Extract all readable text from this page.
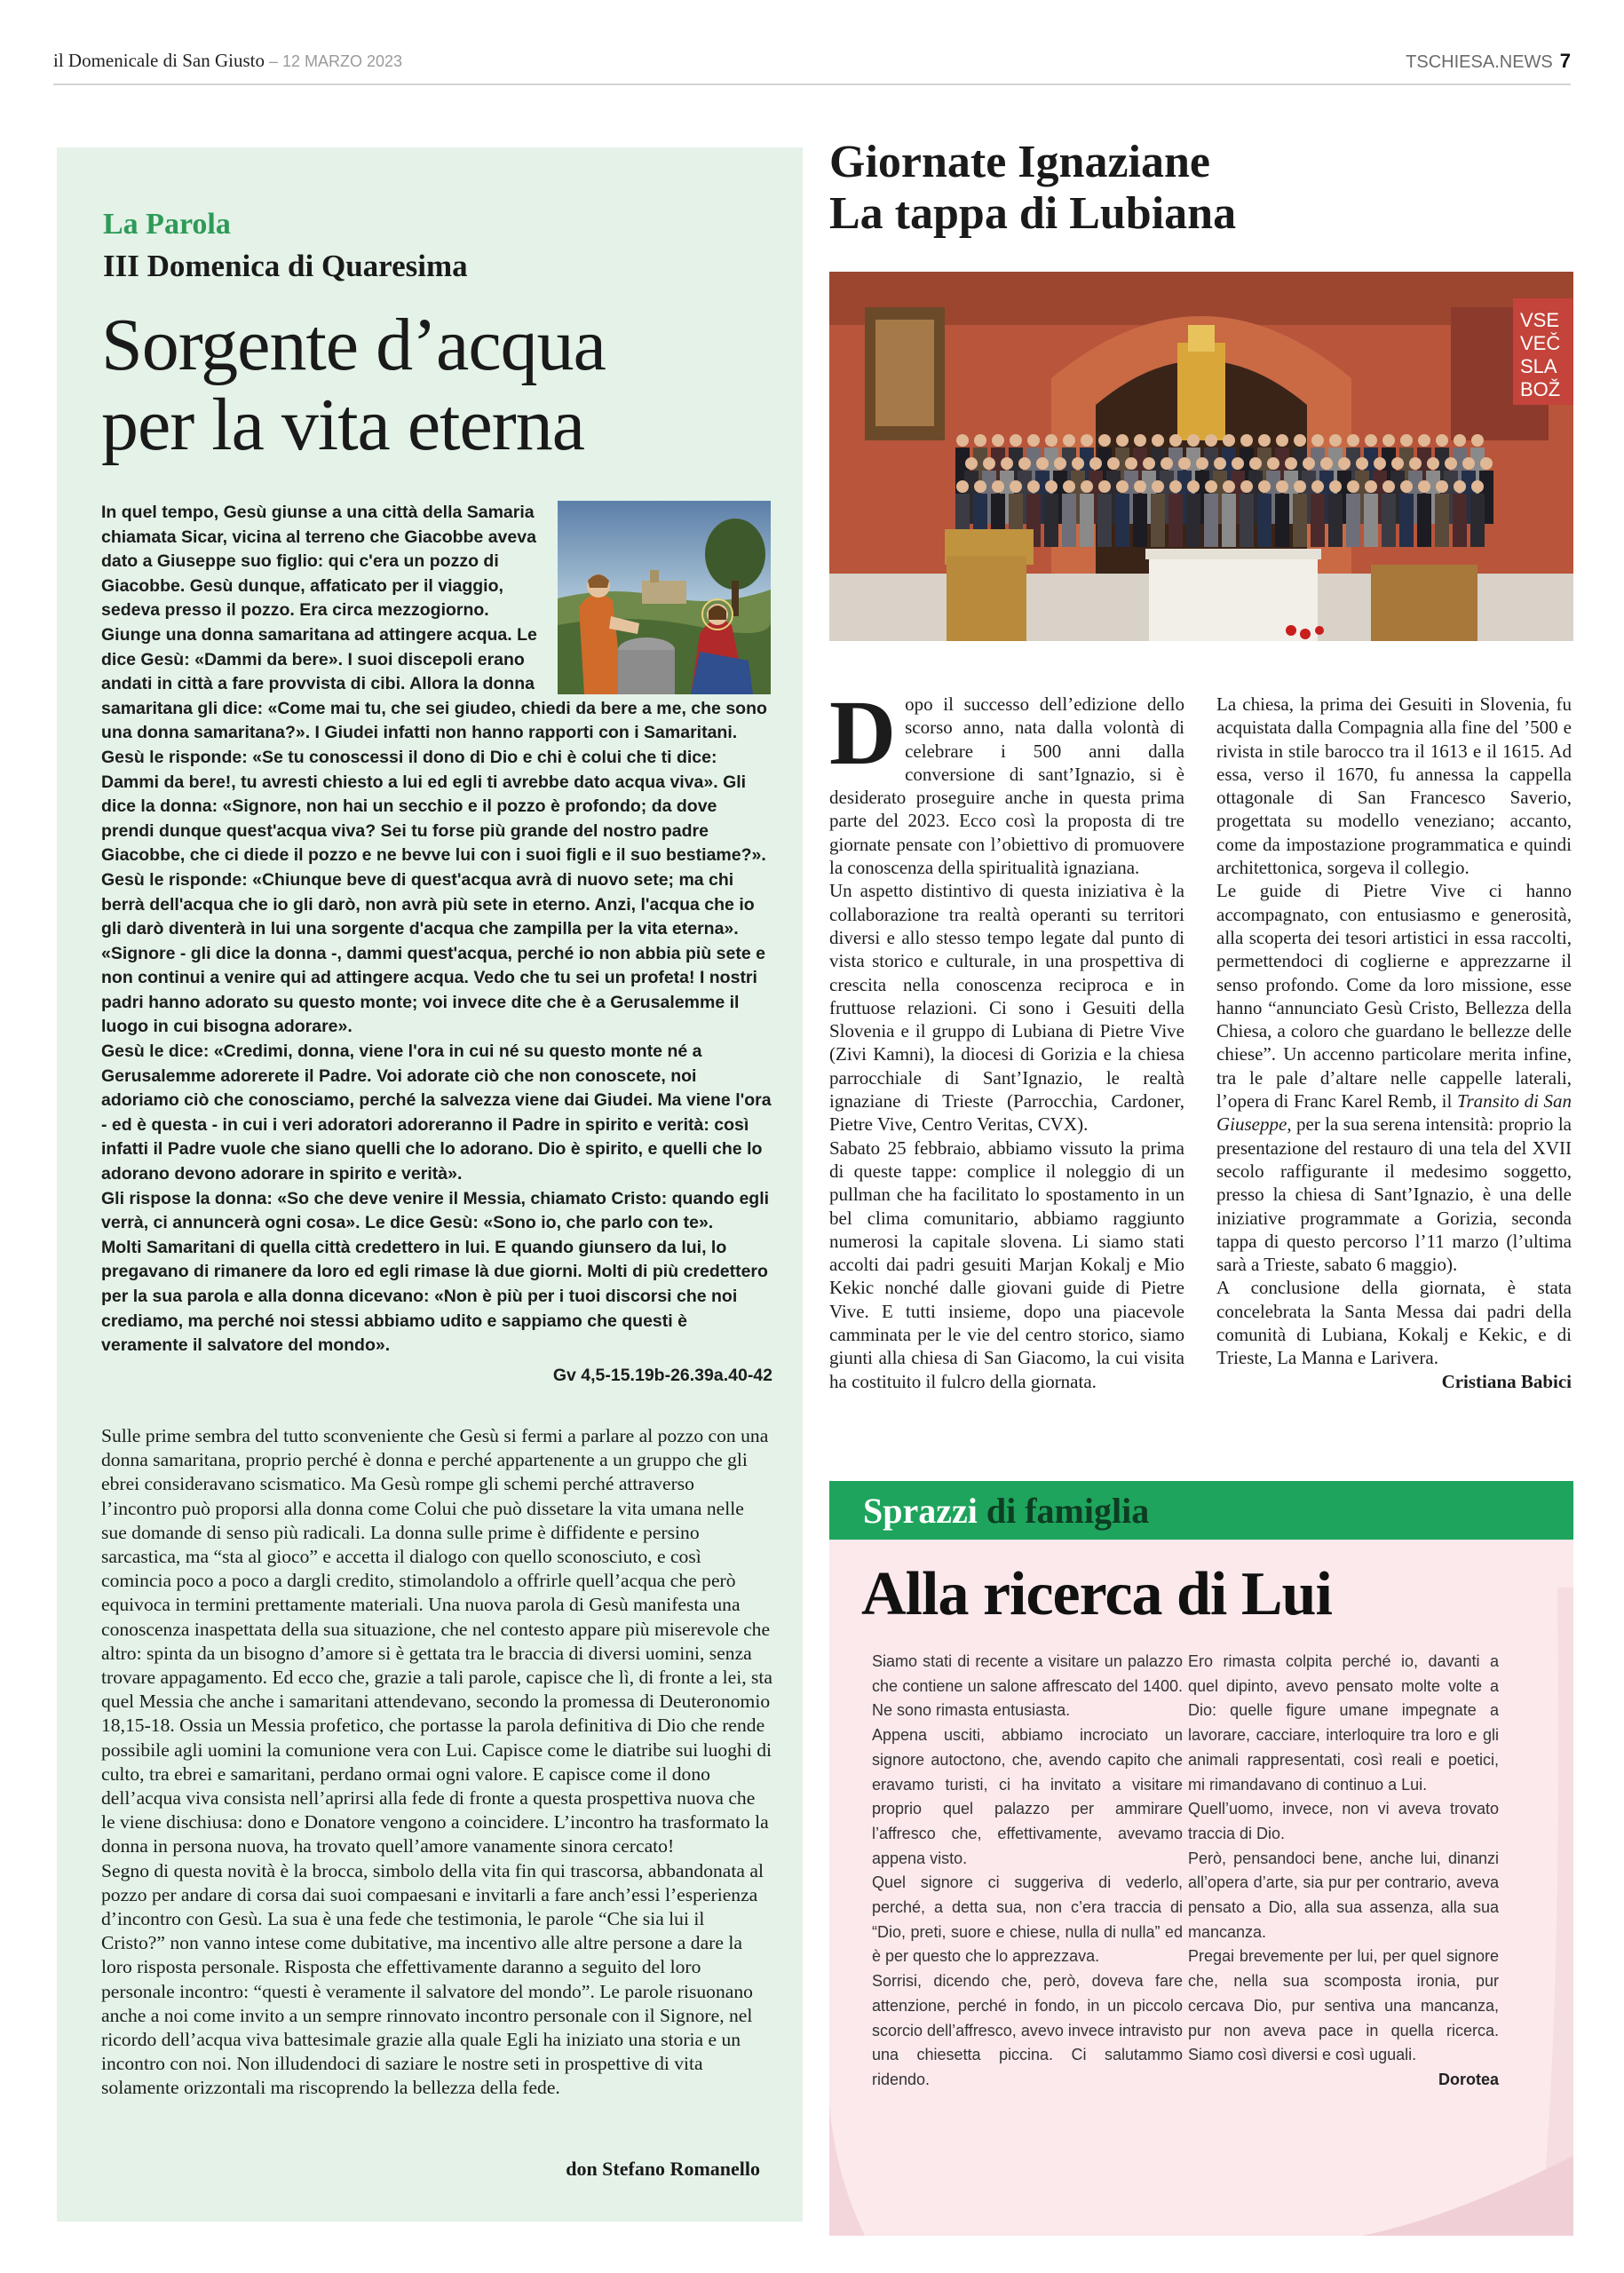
il Domenicale di San Giusto – 12 MARZO 2023	TSCHIESA.NEWS 7
La Parola
III Domenica di Quaresima
Sorgente d’acqua
per la vita eterna

In quel tempo, Gesù giunse a una città della Samaria chiamata Sicar, vicina al terreno che Giacobbe aveva dato a Giuseppe suo figlio: qui c'era un pozzo di Giacobbe. Gesù dunque, affaticato per il viaggio, sedeva presso il pozzo. Era circa mezzogiorno. Giunge una donna samaritana ad attingere acqua. Le dice Gesù: «Dammi da bere». I suoi discepoli erano andati in città a fare provvista di cibi. Allora la donna samaritana gli dice: «Come mai tu, che sei giudeo, chiedi da bere a me, che sono una donna samaritana?». I Giudei infatti non hanno rapporti con i Samaritani. Gesù le risponde: «Se tu conoscessi il dono di Dio e chi è colui che ti dice: Dammi da bere!, tu avresti chiesto a lui ed egli ti avrebbe dato acqua viva». Gli dice la donna: «Signore, non hai un secchio e il pozzo è profondo; da dove prendi dunque quest'acqua viva? Sei tu forse più grande del nostro padre Giacobbe, che ci diede il pozzo e ne bevve lui con i suoi figli e il suo bestiame?».

Gesù le risponde: «Chiunque beve di quest'acqua avrà di nuovo sete; ma chi berrà dell'acqua che io gli darò, non avrà più sete in eterno. Anzi, l'acqua che io gli darò diventerà in lui una sorgente d'acqua che zampilla per la vita eterna».

«Signore - gli dice la donna -, dammi quest'acqua, perché io non abbia più sete e non continui a venire qui ad attingere acqua. Vedo che tu sei un profeta! I nostri padri hanno adorato su questo monte; voi invece dite che è a Gerusalemme il luogo in cui bisogna adorare».

Gesù le dice: «Credimi, donna, viene l'ora in cui né su questo monte né a Gerusalemme adorerete il Padre. Voi adorate ciò che non conoscete, noi adoriamo ciò che conosciamo, perché la salvezza viene dai Giudei. Ma viene l'ora - ed è questa - in cui i veri adoratori adoreranno il Padre in spirito e verità: così infatti il Padre vuole che siano quelli che lo adorano. Dio è spirito, e quelli che lo adorano devono adorare in spirito e verità».

Gli rispose la donna: «So che deve venire il Messia, chiamato Cristo: quando egli verrà, ci annuncerà ogni cosa». Le dice Gesù: «Sono io, che parlo con te».

Molti Samaritani di quella città credettero in lui. E quando giunsero da lui, lo pregavano di rimanere da loro ed egli rimase là due giorni. Molti di più credettero per la sua parola e alla donna dicevano: «Non è più per i tuoi discorsi che noi crediamo, ma perché noi stessi abbiamo udito e sappiamo che questi è veramente il salvatore del mondo».

Gv 4,5-15.19b-26.39a.40-42

Sulle prime sembra del tutto sconveniente che Gesù si fermi a parlare al pozzo con una donna samaritana, proprio perché è donna e perché appartenente a un gruppo che gli ebrei consideravano scismatico. Ma Gesù rompe gli schemi perché attraverso l’incontro può proporsi alla donna come Colui che può dissetare la vita umana nelle sue domande di senso più radicali. La donna sulle prime è diffidente e persino sarcastica, ma “sta al gioco” e accetta il dialogo con quello sconosciuto, e così comincia poco a poco a dargli credito, stimolandolo a offrirle quell’acqua che però equivoca in termini prettamente materiali. Una nuova parola di Gesù manifesta una conoscenza inaspettata della sua situazione, che nel contesto appare più miserevole che altro: spinta da un bisogno d’amore si è gettata tra le braccia di diversi uomini, senza trovare appagamento. Ed ecco che, grazie a tali parole, capisce che lì, di fronte a lei, sta quel Messia che anche i samaritani attendevano, secondo la promessa di Deuteronomio 18,15-18. Ossia un Messia profetico, che portasse la parola definitiva di Dio che rende possibile agli uomini la comunione vera con Lui. Capisce come le diatribe sui luoghi di culto, tra ebrei e samaritani, perdano ormai ogni valore. E capisce come il dono dell’acqua viva consista nell’aprirsi alla fede di fronte a questa prospettiva nuova che le viene dischiusa: dono e Donatore vengono a coincidere. L’incontro ha trasformato la donna in persona nuova, ha trovato quell’amore vanamente sinora cercato!

Segno di questa novità è la brocca, simbolo della vita fin qui trascorsa, abbandonata al pozzo per andare di corsa dai suoi compaesani e invitarli a fare anch’essi l’esperienza d’incontro con Gesù. La sua è una fede che testimonia, le parole “Che sia lui il Cristo?” non vanno intese come dubitative, ma incentivo alle altre persone a dare la loro risposta personale. Risposta che effettivamente daranno a seguito del loro personale incontro: “questi è veramente il salvatore del mondo”. Le parole risuonano anche a noi come invito a un sempre rinnovato incontro personale con il Signore, nel ricordo dell’acqua viva battesimale grazie alla quale Egli ha iniziato una storia e un incontro con noi. Non illudendoci di saziare le nostre seti in prospettive di vita solamente orizzontali ma riscoprendo la bellezza della fede.

don Stefano Romanello
Giornate Ignaziane
La tappa di Lubiana
VSE
VEČ
SLA
BOŽ

Dopo il successo dell’edizione dello scorso anno, nata dalla volontà di celebrare i 500 anni dalla conversione di sant’Ignazio, si è desiderato proseguire anche in questa prima parte del 2023. Ecco così la proposta di tre giornate pensate con l’obiettivo di promuovere la conoscenza della spiritualità ignaziana.

Un aspetto distintivo di questa iniziativa è la collaborazione tra realtà operanti su territori diversi e allo stesso tempo legate dal punto di vista storico e culturale, in una prospettiva di crescita nella conoscenza reciproca e in fruttuose relazioni. Ci sono i Gesuiti della Slovenia e il gruppo di Lubiana di Pietre Vive (Zivi Kamni), la diocesi di Gorizia e la chiesa parrocchiale di Sant’Ignazio, le realtà ignaziane di Trieste (Parrocchia, Cardoner, Pietre Vive, Centro Veritas, CVX).

Sabato 25 febbraio, abbiamo vissuto la prima di queste tappe: complice il noleggio di un pullman che ha facilitato lo spostamento in un bel clima comunitario, abbiamo raggiunto numerosi la capitale slovena. Li siamo stati accolti dai padri gesuiti Marjan Kokalj e Mio Kekic nonché dalle giovani guide di Pietre Vive. E tutti insieme, dopo una piacevole camminata per le vie del centro storico, siamo giunti alla chiesa di San Giacomo, la cui visita ha costituito il fulcro della giornata.

La chiesa, la prima dei Gesuiti in Slovenia, fu acquistata dalla Compagnia alla fine del ’500 e rivista in stile barocco tra il 1613 e il 1615. Ad essa, verso il 1670, fu annessa la cappella ottagonale di San Francesco Saverio, progettata su modello veneziano; accanto, come da impostazione programmatica e quindi architettonica, sorgeva il collegio.

Le guide di Pietre Vive ci hanno accompagnato, con entusiasmo e generosità, alla scoperta dei tesori artistici in essa raccolti, permettendoci di coglierne e apprezzarne il senso profondo. Come da loro missione, esse hanno “annunciato Gesù Cristo, Bellezza della Chiesa, a coloro che guardano le bellezze delle chiese”. Un accenno particolare merita infine, tra le pale d’altare nelle cappelle laterali, l’opera di Franc Karel Remb, il Transito di San Giuseppe, per la sua serena intensità: proprio la presentazione del restauro di una tela del XVII secolo raffigurante il medesimo soggetto, presso la chiesa di Sant’Ignazio, è una delle iniziative programmate a Gorizia, seconda tappa di questo percorso l’11 marzo (l’ultima sarà a Trieste, sabato 6 maggio).

A conclusione della giornata, è stata concelebrata la Santa Messa dai padri della comunità di Lubiana, Kokalj e Kekic, e di Trieste, La Manna e Larivera.

Cristiana Babici

Sprazzi di famiglia
Alla ricerca di Lui

Siamo stati di recente a visitare un palazzo che contiene un salone affrescato del 1400. Ne sono rimasta entusiasta.

Appena usciti, abbiamo incrociato un signore autoctono, che, avendo capito che eravamo turisti, ci ha invitato a visitare proprio quel palazzo per ammirare l’affresco che, effettivamente, avevamo appena visto.

Quel signore ci suggeriva di vederlo, perché, a detta sua, non c’era traccia di “Dio, preti, suore e chiese, nulla di nulla” ed è per questo che lo apprezzava.

Sorrisi, dicendo che, però, doveva fare attenzione, perché in fondo, in un piccolo scorcio dell’affresco, avevo invece intravisto una chiesetta piccina. Ci salutammo ridendo.

Ero rimasta colpita perché io, davanti a quel dipinto, avevo pensato molte volte a Dio: quelle figure umane impegnate a lavorare, cacciare, interloquire tra loro e gli animali rappresentati, così reali e poetici, mi rimandavano di continuo a Lui.

Quell’uomo, invece, non vi aveva trovato traccia di Dio.

Però, pensandoci bene, anche lui, dinanzi all’opera d’arte, sia pur per contrario, aveva pensato a Dio, alla sua assenza, alla sua mancanza.

Pregai brevemente per lui, per quel signore che, nella sua scomposta ironia, pur cercava Dio, pur sentiva una mancanza, pur non aveva pace in quella ricerca. Siamo così diversi e così uguali.

Dorotea
